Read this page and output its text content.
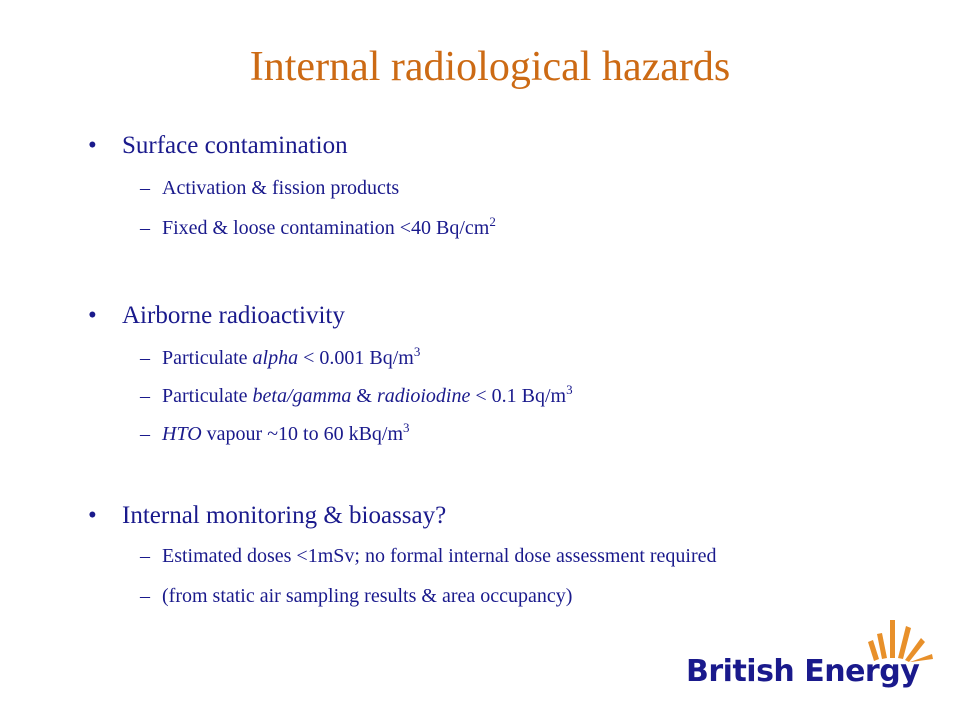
Internal radiological hazards
• Surface contamination
– Activation & fission products
– Fixed & loose contamination <40 $Bq/cm^2$
• Airborne radioactivity
– Particulate alpha < 0.001 $Bq/m^3$
– Particulate beta/gamma & radioiodine < 0.1 $Bq/m^3$
– HTO vapour ~10 to 60 kBq/$m^3$
• Internal monitoring & bioassay?
– Estimated doses <1mSv; no formal internal dose assessment required
– (from static air sampling results & area occupancy)
British Energy
